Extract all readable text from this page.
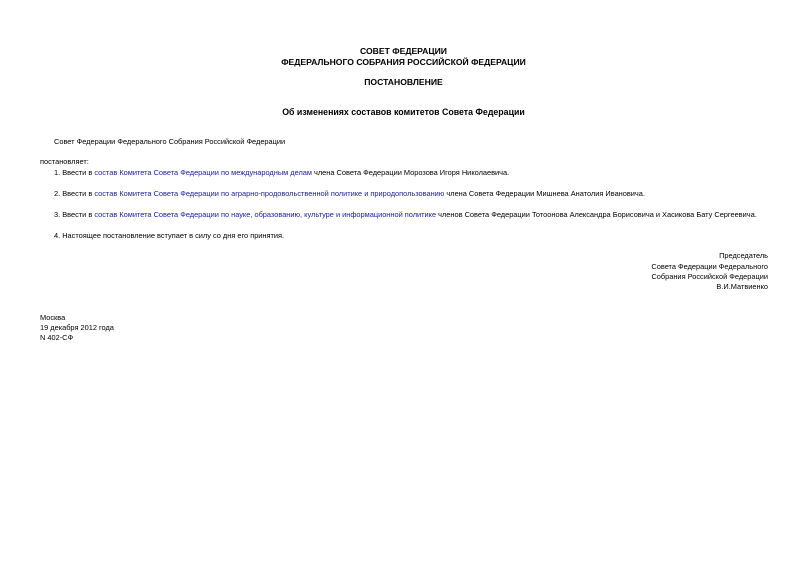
СОВЕТ ФЕДЕРАЦИИ
ФЕДЕРАЛЬНОГО СОБРАНИЯ РОССИЙСКОЙ ФЕДЕРАЦИИ
ПОСТАНОВЛЕНИЕ
Об изменениях составов комитетов Совета Федерации
Совет Федерации Федерального Собрания Российской Федерации
постановляет:
1. Ввести в состав Комитета Совета Федерации по международным делам члена Совета Федерации Морозова Игоря Николаевича.
2. Ввести в состав Комитета Совета Федерации по аграрно-продовольственной политике и природопользованию члена Совета Федерации Мишнева Анатолия Ивановича.
3. Ввести в состав Комитета Совета Федерации по науке, образованию, культуре и информационной политике членов Совета Федерации Тотоонова Александра Борисовича и Хасикова Бату Сергеевича.
4. Настоящее постановление вступает в силу со дня его принятия.
Председатель
Совета Федерации Федерального
Собрания Российской Федерации
В.И.Матвиенко
Москва
19 декабря 2012 года
N 402-СФ
